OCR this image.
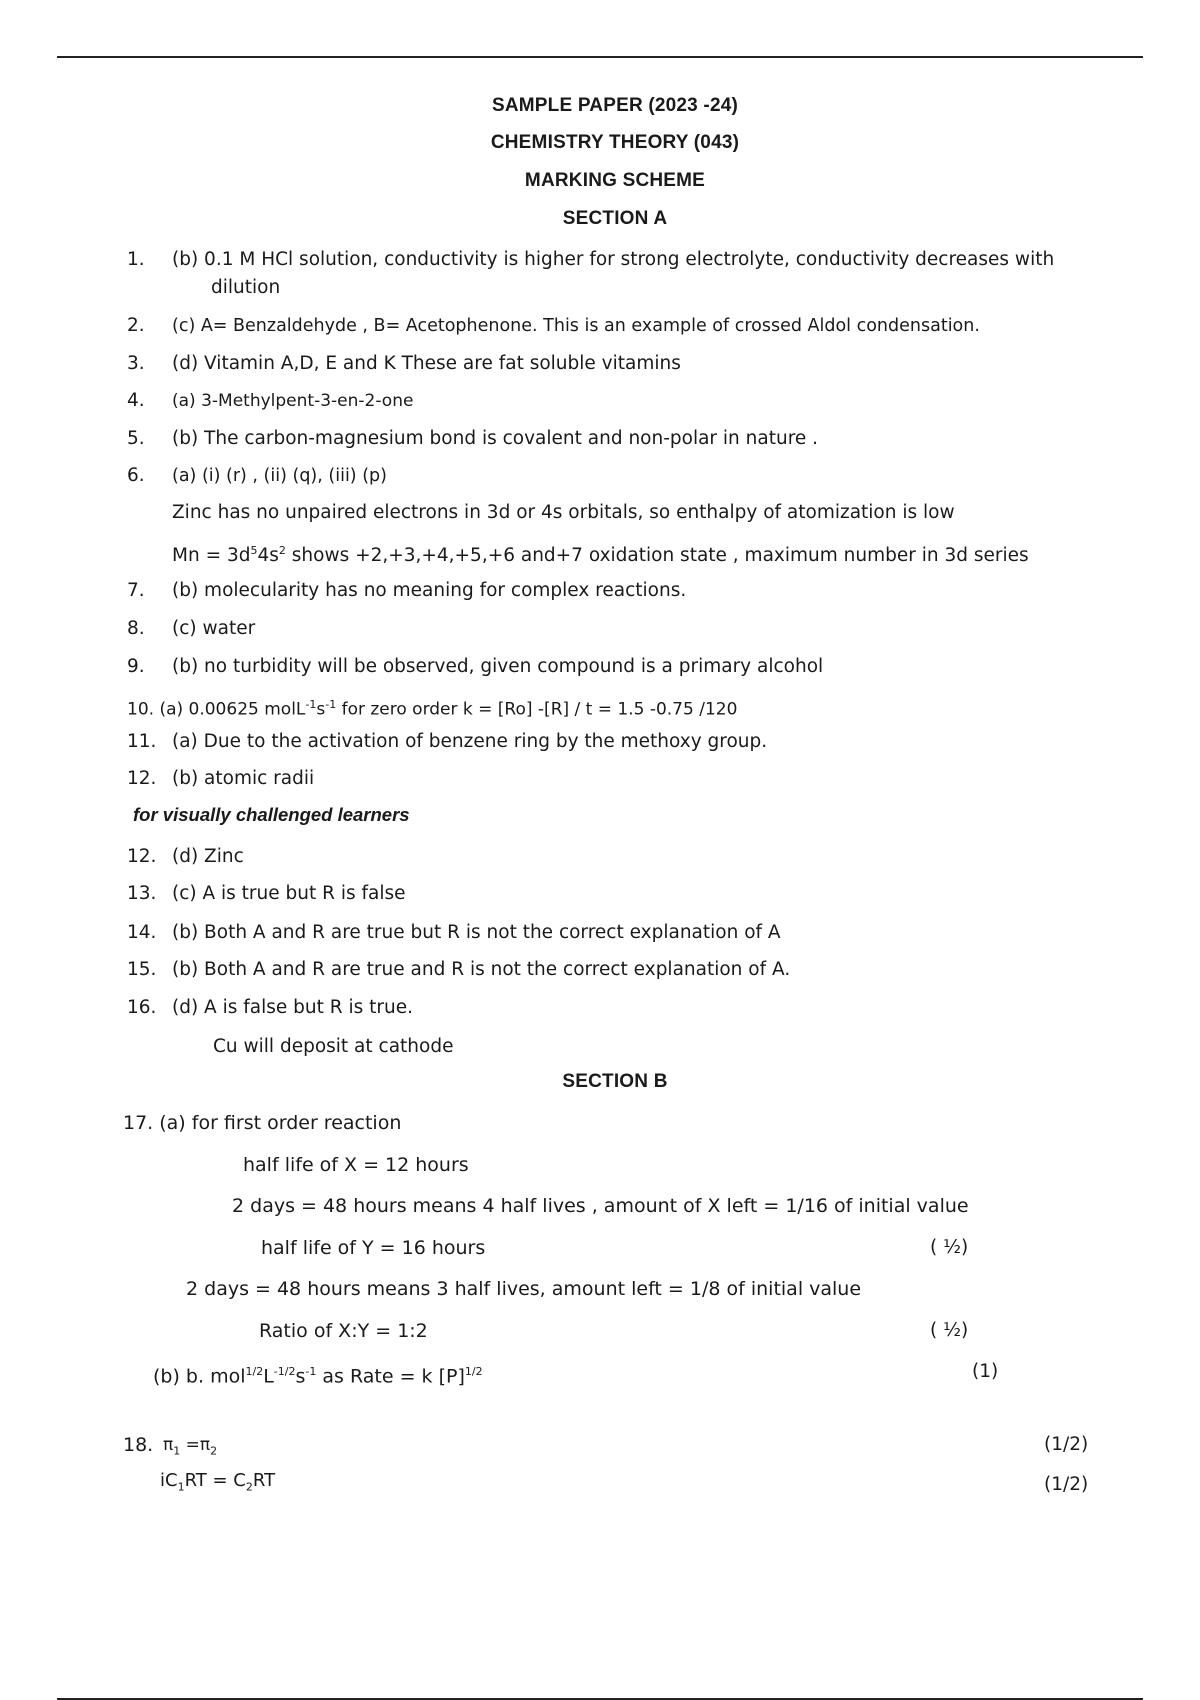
SAMPLE PAPER (2023 -24)
CHEMISTRY THEORY (043)
MARKING SCHEME
SECTION A
1. (b) 0.1 M HCl solution, conductivity is higher for strong electrolyte, conductivity decreases with
dilution
2. (c) A= Benzaldehyde , B= Acetophenone. This is an example of crossed Aldol condensation.
3. (d) Vitamin A,D, E and K These are fat soluble vitamins
4. (a) 3-Methylpent-3-en-2-one
5. (b) The carbon-magnesium bond is covalent and non-polar in nature .
6. (a) (i) (r) , (ii) (q), (iii) (p)
Zinc has no unpaired electrons in 3d or 4s orbitals, so enthalpy of atomization is low
$Mn = 3d^54s^2$ shows +2,+3,+4,+5,+6 and+7 oxidation state , maximum number in 3d series
7. (b) molecularity has no meaning for complex reactions.
8. (c) water
9. (b) no turbidity will be observed, given compound is a primary alcohol
10. (a) 0.00625 $molL^{-1}s^{-1}$ for zero order k = [Ro] -[R] / t = 1.5 -0.75 /120
11. (a) Due to the activation of benzene ring by the methoxy group.
12. (b) atomic radii
for visually challenged learners
12. (d) Zinc
13. (c) A is true but R is false
14. (b) Both A and R are true but R is not the correct explanation of A
15. (b) Both A and R are true and R is not the correct explanation of A.
16. (d) A is false but R is true.
Cu will deposit at cathode
SECTION B
17. (a) for first order reaction
half life of X = 12 hours
2 days = 48 hours means 4 half lives , amount of X left = 1/16 of initial value
half life of Y = 16 hours	( ½)
2 days = 48 hours means 3 half lives, amount left = 1/8 of initial value
Ratio of X:Y = 1:2	( ½)
(b) b. $mol^{1/2}L^{-1/2}s^{-1}$ as Rate = k $[P]^{1/2}$	(1)
18. $\pi_1 =\pi_2$	(1/2)
$iC_1RT = C_2RT$	(1/2)
